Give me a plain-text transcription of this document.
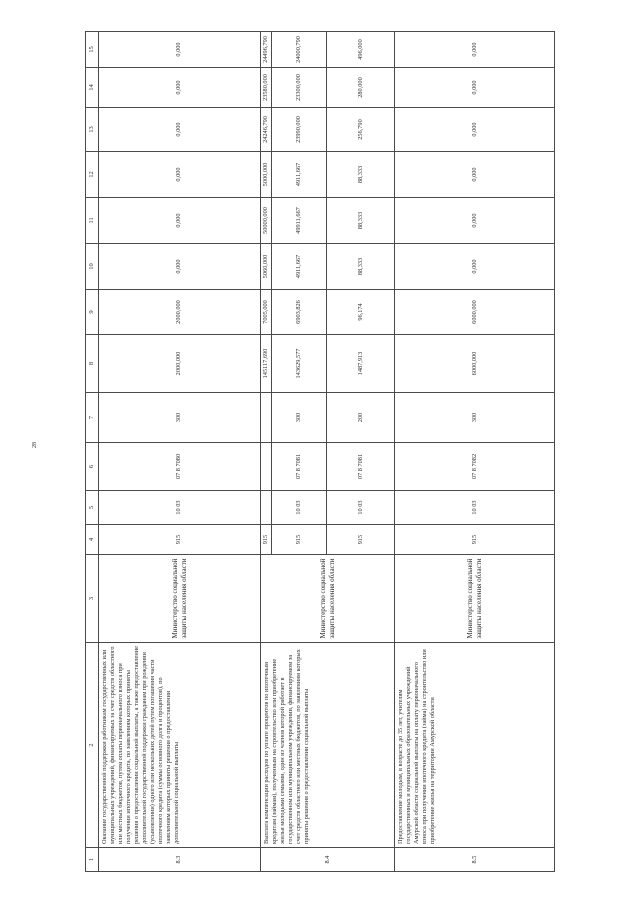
28
1	2	3	4	5	6	7	8	9	10	11	12	13	14	15
8.3	Оказание государственной поддержки работникам государственных или муниципальных учреждений, финансируемых за счет средств областного или местных бюджетов, путем оплаты первоначального взноса при получении ипотечного кредита, по заявлениям которых приняты решения о предоставлении социальной выплаты, а также предоставление дополнительной государственной поддержки гражданам при рождении (усыновлении) одного или нескольких детей путем погашения части ипотечного кредита (суммы основного долга и процентов), по заявлениям которых приняты решения о предоставлении дополнительной социальной выплаты	Министерство социальной защиты населения области	915	10 03	07 8 7080	300	2000,000	2000,000	0,000	0,000	0,000	0,000	0,000	0,000
8.4	Выплата компенсации расходов по уплате процентов по ипотечным кредитам (займам), полученным на строительство или приобретение жилья молодыми семьями, один из членов которой работает в государственном или муниципальном учреждении, финансируемом за счет средств областного или местных бюджетов, по заявлениям которых приняты решения о предоставлении социальной выплаты	Министерство социальной защиты населения области	915				145117,690	7005,000	5060,000	50000,000	5000,000	24246,790	23580,000	24496,790
			915	10 03	07 8 7081	300	143629,577	6903,826	4911,667	49911,667	4911,667	23990,000	23300,000	24000,790
			915	10 03	07 8 7081	200	1487,913	96,174	88,333	88,333	88,333	256,790	280,000	496,000
8.5	Предоставление молодым, в возрасте до 35 лет, учителям государственных и муниципальных образовательных учреждений Амурской области социальной выплаты на оплату первоначального взноса при получении ипотечного кредита (займа) на строительство или приобретение жилья на территории Амурской области	Министерство социальной защиты населения области	915	10 03	07 8 7082	300	6000,000	6000,000	0,000	0,000	0,000	0,000	0,000	0,000
